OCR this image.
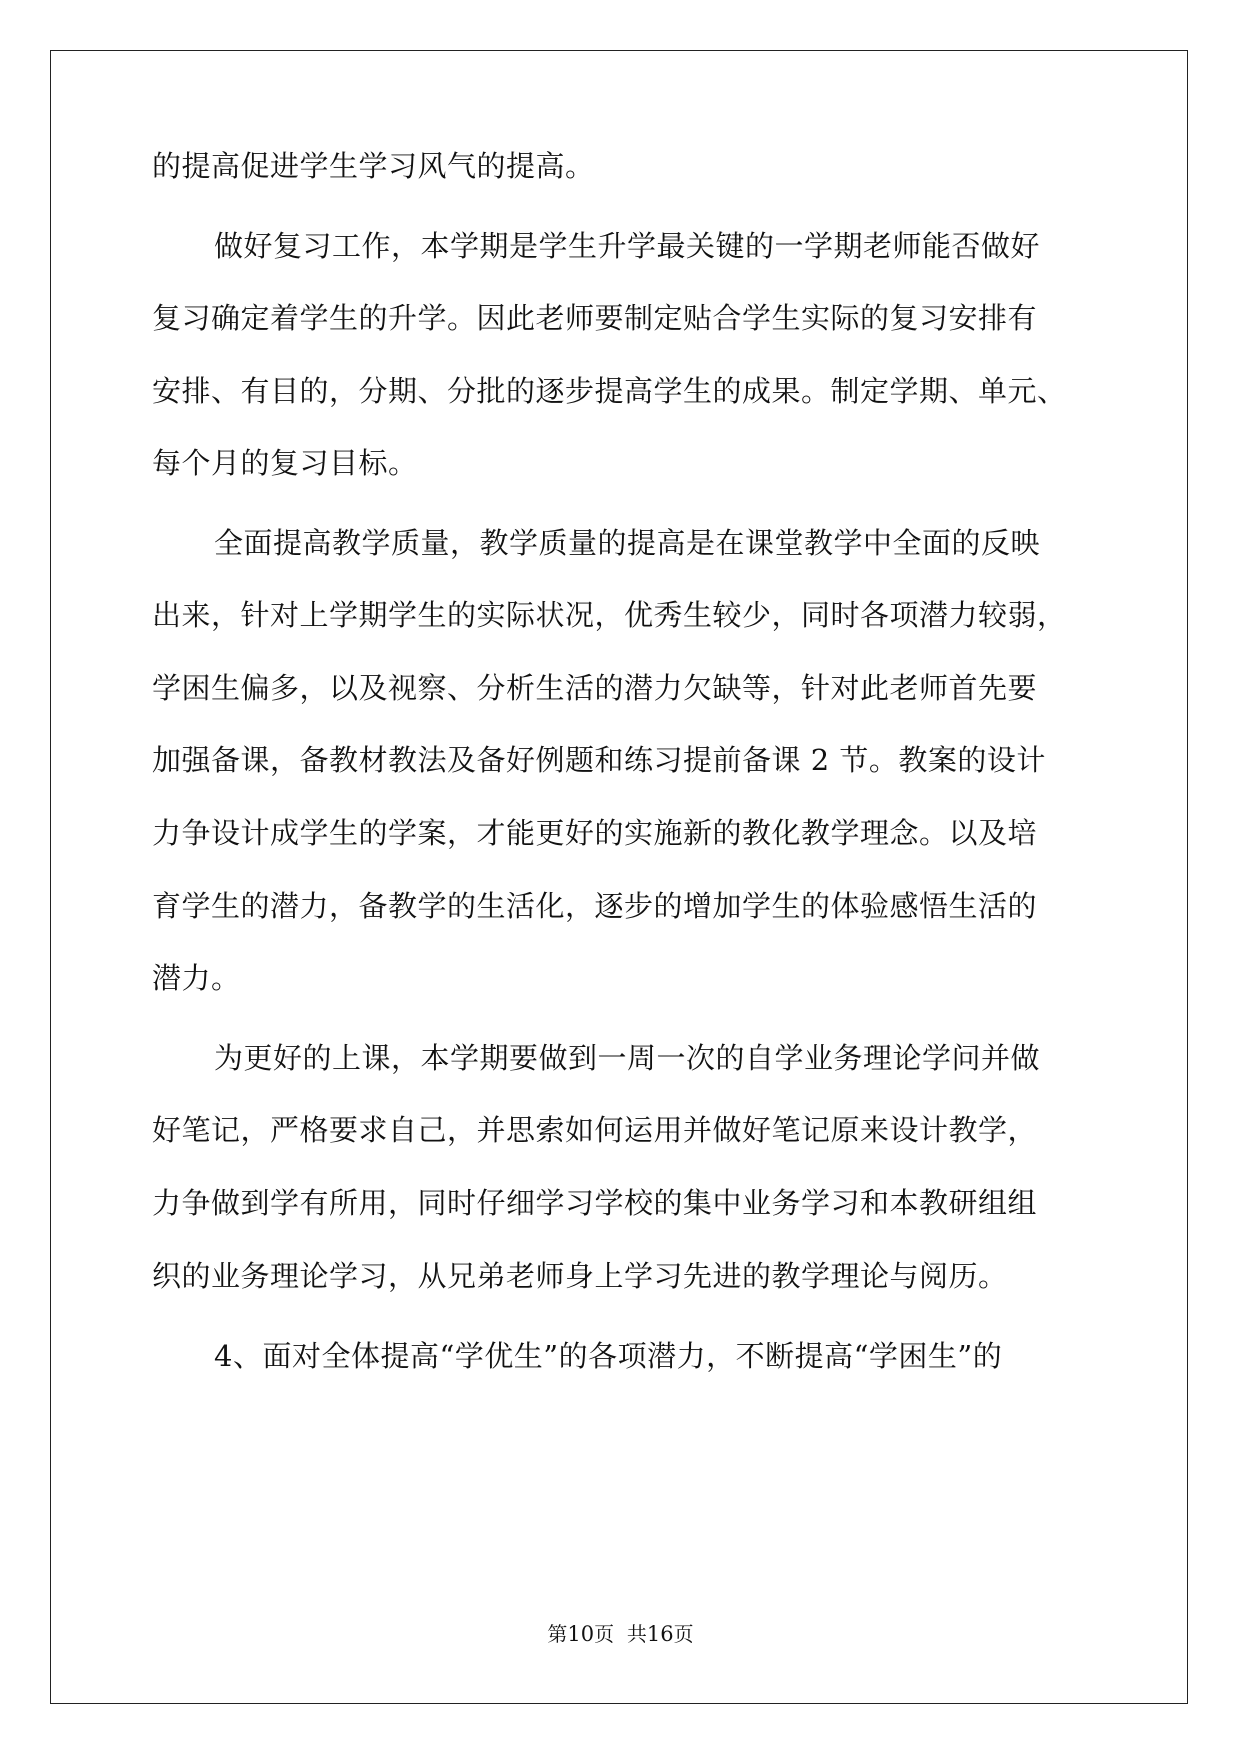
的提高促进学生学习风气的提高。
做好复习工作，本学期是学生升学最关键的一学期老师能否做好
复习确定着学生的升学。因此老师要制定贴合学生实际的复习安排有
安排、有目的，分期、分批的逐步提高学生的成果。制定学期、单元、
每个月的复习目标。
全面提高教学质量，教学质量的提高是在课堂教学中全面的反映
出来，针对上学期学生的实际状况，优秀生较少，同时各项潜力较弱，
学困生偏多，以及视察、分析生活的潜力欠缺等，针对此老师首先要
加强备课，备教材教法及备好例题和练习提前备课 2 节。教案的设计
力争设计成学生的学案，才能更好的实施新的教化教学理念。以及培
育学生的潜力，备教学的生活化，逐步的增加学生的体验感悟生活的
潜力。
为更好的上课，本学期要做到一周一次的自学业务理论学问并做
好笔记，严格要求自己，并思索如何运用并做好笔记原来设计教学，
力争做到学有所用，同时仔细学习学校的集中业务学习和本教研组组
织的业务理论学习，从兄弟老师身上学习先进的教学理论与阅历。
4、面对全体提高“学优生”的各项潜力，不断提高“学困生”的
第10页  共16页
